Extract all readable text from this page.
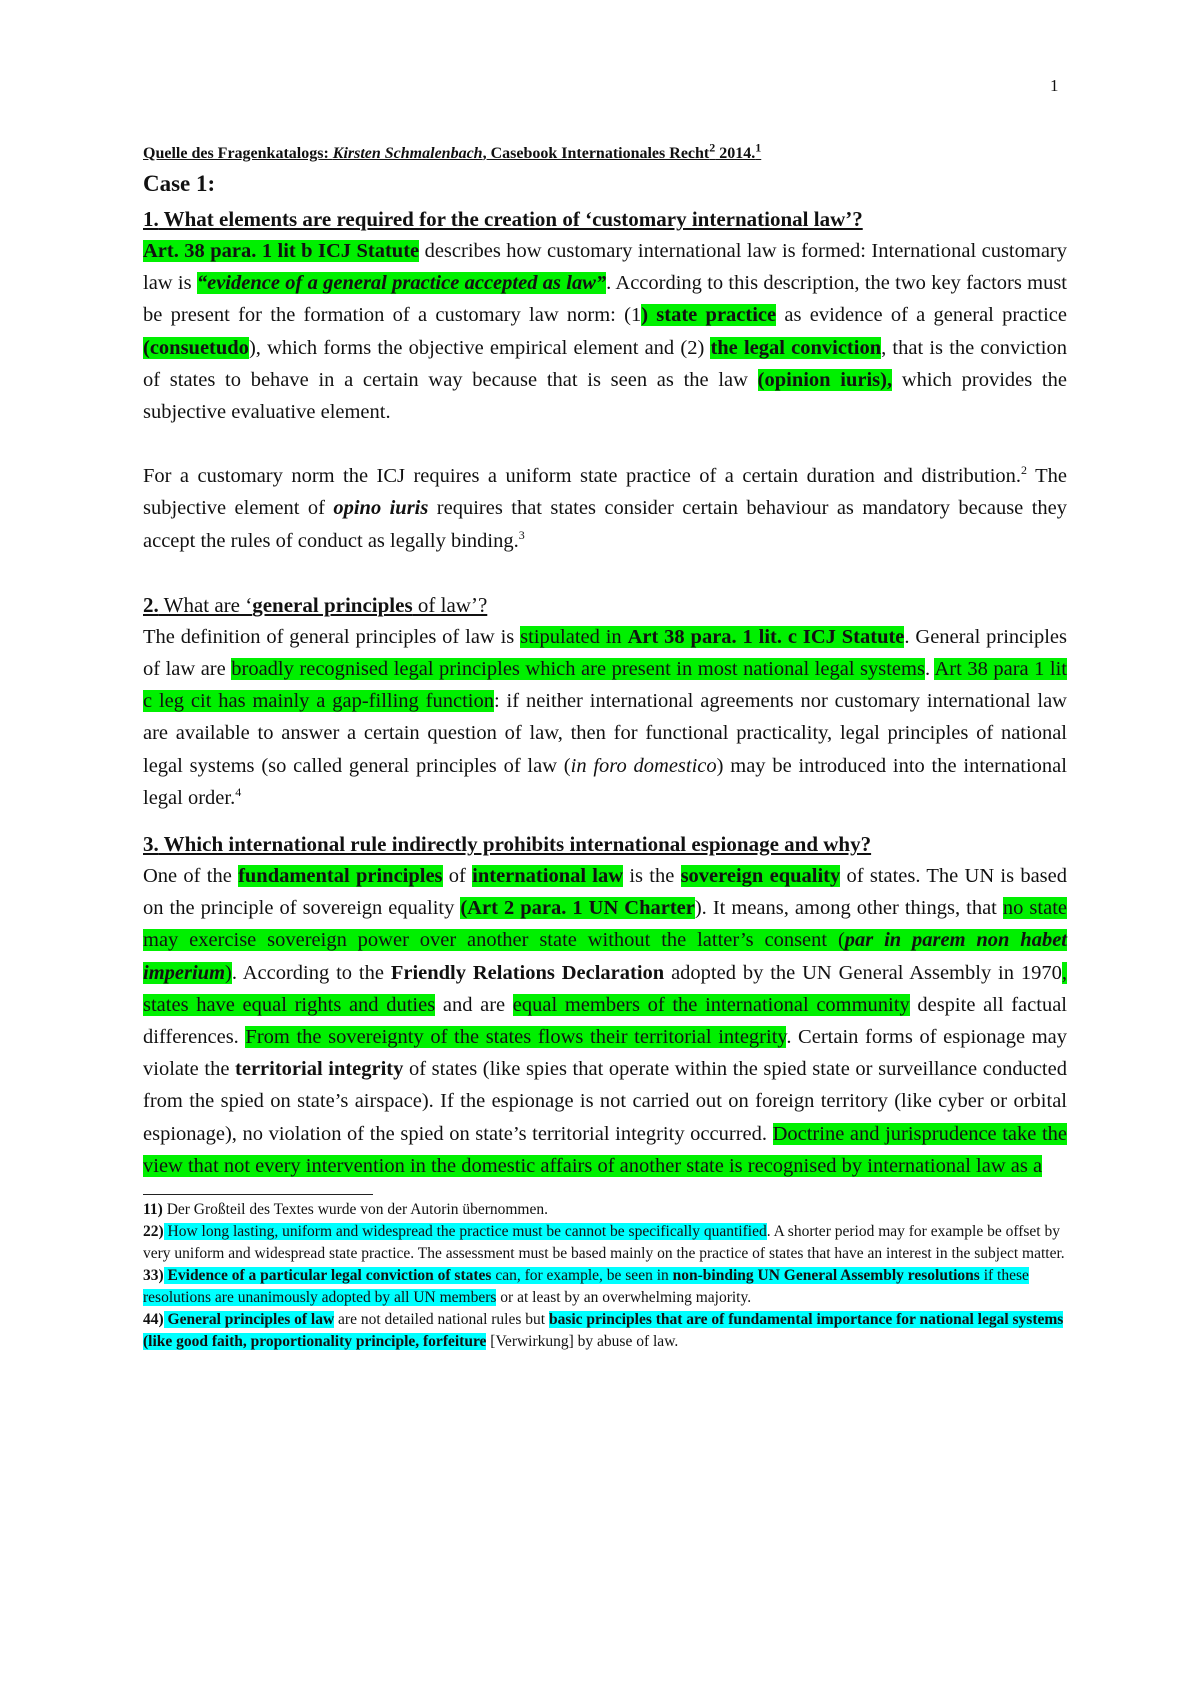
1
Quelle des Fragenkatalogs: Kirsten Schmalenbach, Casebook Internationales Recht$^2$ 2014.$^1$
Case 1:
1. What elements are required for the creation of ‘customary international law’?

Art. 38 para. 1 lit b ICJ Statute describes how customary international law is formed: International customary law is “evidence of a general practice accepted as law”. According to this description, the two key factors must be present for the formation of a customary law norm: (1) state practice as evidence of a general practice (consuetudo), which forms the objective empirical element and (2) the legal conviction, that is the conviction of states to behave in a certain way because that is seen as the law (opinion iuris), which provides the subjective evaluative element.

For a customary norm the ICJ requires a uniform state practice of a certain duration and distribution.$^2$ The subjective element of opino iuris requires that states consider certain behaviour as mandatory because they accept the rules of conduct as legally binding.$^3$

2. What are ‘general principles of law’?

The definition of general principles of law is stipulated in Art 38 para. 1 lit. c ICJ Statute. General principles of law are broadly recognised legal principles which are present in most national legal systems. Art 38 para 1 lit c leg cit has mainly a gap-filling function: if neither international agreements nor customary international law are available to answer a certain question of law, then for functional practicality, legal principles of national legal systems (so called general principles of law (in foro domestico) may be introduced into the international legal order.$^4$

3. Which international rule indirectly prohibits international espionage and why?

One of the fundamental principles of international law is the sovereign equality of states. The UN is based on the principle of sovereign equality (Art 2 para. 1 UN Charter). It means, among other things, that no state may exercise sovereign power over another state without the latter’s consent (par in parem non habet imperium). According to the Friendly Relations Declaration adopted by the UN General Assembly in 1970, states have equal rights and duties and are equal members of the international community despite all factual differences. From the sovereignty of the states flows their territorial integrity. Certain forms of espionage may violate the territorial integrity of states (like spies that operate within the spied state or surveillance conducted from the spied on state’s airspace). If the espionage is not carried out on foreign territory (like cyber or orbital espionage), no violation of the spied on state’s territorial integrity occurred. Doctrine and jurisprudence take the view that not every intervention in the domestic affairs of another state is recognised by international law as a

11) Der Großteil des Textes wurde von der Autorin übernommen.

22) How long lasting, uniform and widespread the practice must be cannot be specifically quantified. A shorter period may for example be offset by very uniform and widespread state practice. The assessment must be based mainly on the practice of states that have an interest in the subject matter.

33) Evidence of a particular legal conviction of states can, for example, be seen in non-binding UN General Assembly resolutions if these resolutions are unanimously adopted by all UN members or at least by an overwhelming majority.

44) General principles of law are not detailed national rules but basic principles that are of fundamental importance for national legal systems (like good faith, proportionality principle, forfeiture [Verwirkung] by abuse of law.
